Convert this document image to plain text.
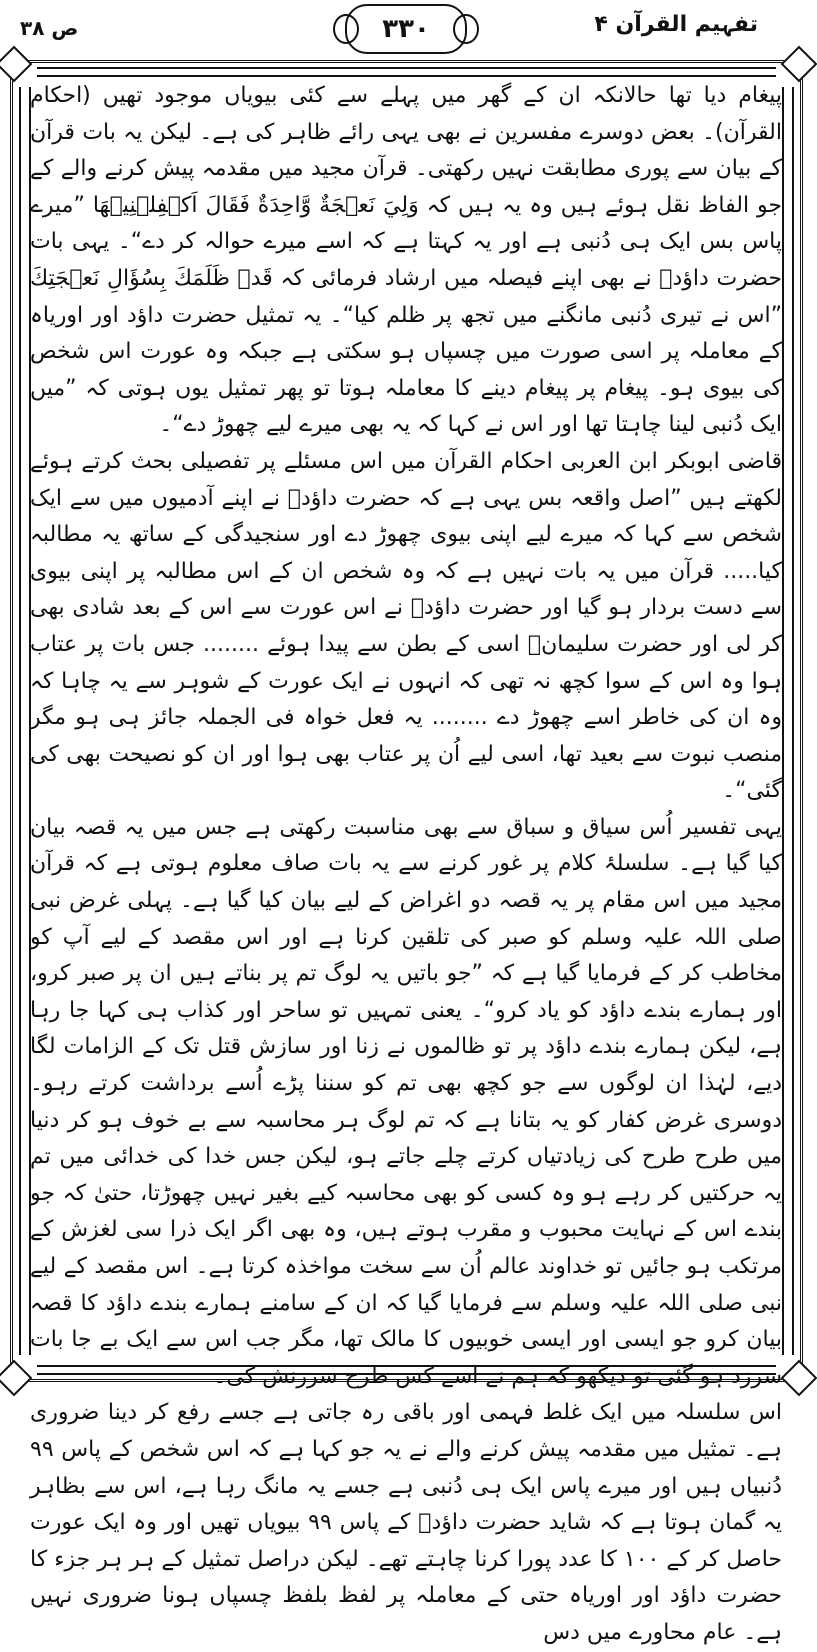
ص ۳۸	۳۳۰	تفہیم القرآن ۴

پیغام دیا تھا حالانکہ ان کے گھر میں پہلے سے کئی بیویاں موجود تھیں (احکام القرآن)۔ بعض دوسرے مفسرین نے بھی یہی رائے ظاہر کی ہے۔ لیکن یہ بات قرآن کے بیان سے پوری مطابقت نہیں رکھتی۔ قرآن مجید میں مقدمہ پیش کرنے والے کے جو الفاظ نقل ہوئے ہیں وہ یہ ہیں کہ وَلِيَ نَعۡجَةٌ وَّاحِدَةٌ فَقَالَ اَكۡفِلۡنِيۡهَا ”میرے پاس بس ایک ہی دُنبی ہے اور یہ کہتا ہے کہ اسے میرے حوالہ کر دے“۔ یہی بات حضرت داؤدؑ نے بھی اپنے فیصلہ میں ارشاد فرمائی کہ قَدۡ ظَلَمَكَ بِسُؤَالِ نَعۡجَتِكَ ”اس نے تیری دُنبی مانگنے میں تجھ پر ظلم کیا“۔ یہ تمثیل حضرت داؤد اور اوریاہ کے معاملہ پر اسی صورت میں چسپاں ہو سکتی ہے جبکہ وہ عورت اس شخص کی بیوی ہو۔ پیغام پر پیغام دینے کا معاملہ ہوتا تو پھر تمثیل یوں ہوتی کہ ”میں ایک دُنبی لینا چاہتا تھا اور اس نے کہا کہ یہ بھی میرے لیے چھوڑ دے“۔

قاضی ابوبکر ابن العربی احکام القرآن میں اس مسئلے پر تفصیلی بحث کرتے ہوئے لکھتے ہیں ”اصل واقعہ بس یہی ہے کہ حضرت داؤدؑ نے اپنے آدمیوں میں سے ایک شخص سے کہا کہ میرے لیے اپنی بیوی چھوڑ دے اور سنجیدگی کے ساتھ یہ مطالبہ کیا..... قرآن میں یہ بات نہیں ہے کہ وہ شخص ان کے اس مطالبہ پر اپنی بیوی سے دست بردار ہو گیا اور حضرت داؤدؑ نے اس عورت سے اس کے بعد شادی بھی کر لی اور حضرت سلیمانؑ اسی کے بطن سے پیدا ہوئے ........ جس بات پر عتاب ہوا وہ اس کے سوا کچھ نہ تھی کہ انہوں نے ایک عورت کے شوہر سے یہ چاہا کہ وہ ان کی خاطر اسے چھوڑ دے ........ یہ فعل خواہ فی الجملہ جائز ہی ہو مگر منصب نبوت سے بعید تھا، اسی لیے اُن پر عتاب بھی ہوا اور ان کو نصیحت بھی کی گئی“۔

یہی تفسیر اُس سیاق و سباق سے بھی مناسبت رکھتی ہے جس میں یہ قصہ بیان کیا گیا ہے۔ سلسلۂ کلام پر غور کرنے سے یہ بات صاف معلوم ہوتی ہے کہ قرآن مجید میں اس مقام پر یہ قصہ دو اغراض کے لیے بیان کیا گیا ہے۔ پہلی غرض نبی صلی اللہ علیہ وسلم کو صبر کی تلقین کرنا ہے اور اس مقصد کے لیے آپ کو مخاطب کر کے فرمایا گیا ہے کہ ”جو باتیں یہ لوگ تم پر بناتے ہیں ان پر صبر کرو، اور ہمارے بندے داؤد کو یاد کرو“۔ یعنی تمہیں تو ساحر اور کذاب ہی کہا جا رہا ہے، لیکن ہمارے بندے داؤد پر تو ظالموں نے زنا اور سازش قتل تک کے الزامات لگا دیے، لہٰذا ان لوگوں سے جو کچھ بھی تم کو سننا پڑے اُسے برداشت کرتے رہو۔ دوسری غرض کفار کو یہ بتانا ہے کہ تم لوگ ہر محاسبہ سے بے خوف ہو کر دنیا میں طرح طرح کی زیادتیاں کرتے چلے جاتے ہو، لیکن جس خدا کی خدائی میں تم یہ حرکتیں کر رہے ہو وہ کسی کو بھی محاسبہ کیے بغیر نہیں چھوڑتا، حتیٰ کہ جو بندے اس کے نہایت محبوب و مقرب ہوتے ہیں، وہ بھی اگر ایک ذرا سی لغزش کے مرتکب ہو جائیں تو خداوند عالم اُن سے سخت مواخذہ کرتا ہے۔ اس مقصد کے لیے نبی صلی اللہ علیہ وسلم سے فرمایا گیا کہ ان کے سامنے ہمارے بندے داؤد کا قصہ بیان کرو جو ایسی اور ایسی خوبیوں کا مالک تھا، مگر جب اس سے ایک بے جا بات سرزد ہو گئی تو دیکھو کہ ہم نے اسے کس طرح سرزنش کی۔

اس سلسلہ میں ایک غلط فہمی اور باقی رہ جاتی ہے جسے رفع کر دینا ضروری ہے۔ تمثیل میں مقدمہ پیش کرنے والے نے یہ جو کہا ہے کہ اس شخص کے پاس ۹۹ دُنبیاں ہیں اور میرے پاس ایک ہی دُنبی ہے جسے یہ مانگ رہا ہے، اس سے بظاہر یہ گمان ہوتا ہے کہ شاید حضرت داؤدؑ کے پاس ۹۹ بیویاں تھیں اور وہ ایک عورت حاصل کر کے ۱۰۰ کا عدد پورا کرنا چاہتے تھے۔ لیکن دراصل تمثیل کے ہر ہر جزء کا حضرت داؤد اور اوریاہ حتی کے معاملہ پر لفظ بلفظ چسپاں ہونا ضروری نہیں ہے۔ عام محاورے میں دس
